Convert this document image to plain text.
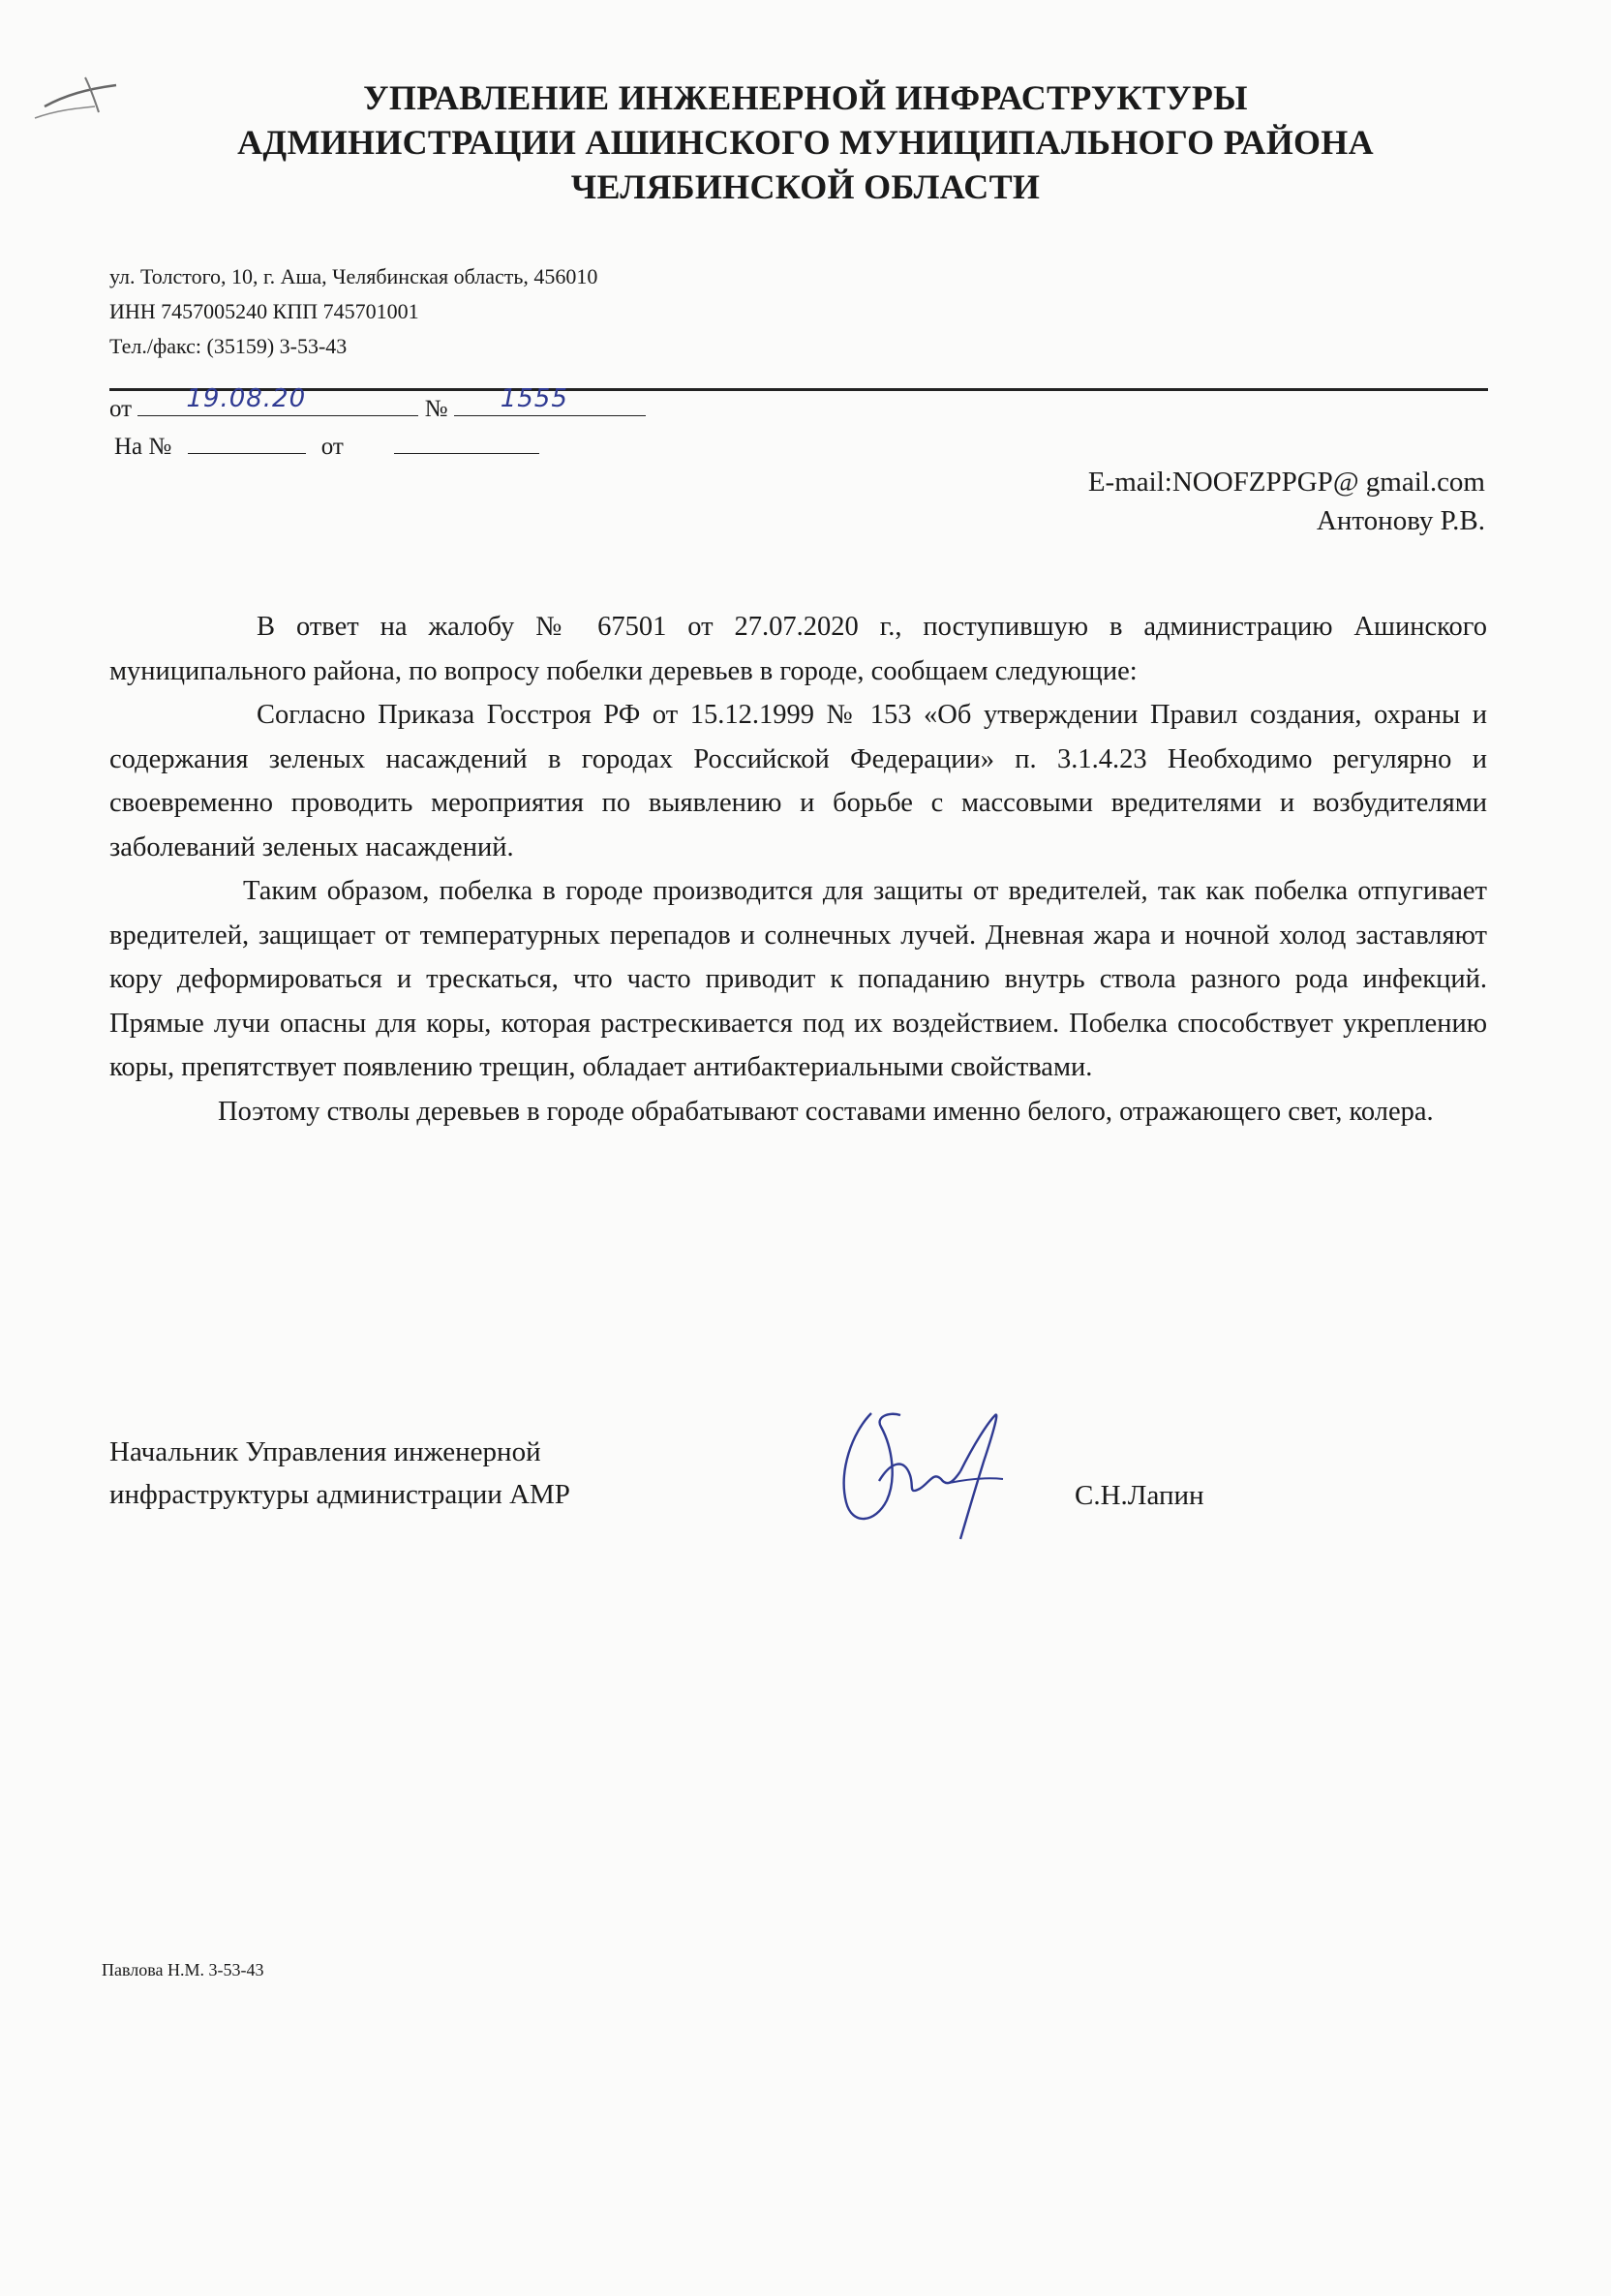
УПРАВЛЕНИЕ ИНЖЕНЕРНОЙ ИНФРАСТРУКТУРЫ
АДМИНИСТРАЦИИ АШИНСКОГО МУНИЦИПАЛЬНОГО РАЙОНА
ЧЕЛЯБИНСКОЙ ОБЛАСТИ
ул. Толстого, 10, г. Аша, Челябинская область, 456010
ИНН 7457005240 КПП 745701001
Тел./факс: (35159) 3-53-43
от 19.08.20	№ 1555
На №	от
E-mail:NOOFZPPGP@ gmail.com
Антонову Р.В.

В ответ на жалобу № 67501 от 27.07.2020 г., поступившую в администрацию Ашинского муниципального района, по вопросу побелки деревьев в городе, сообщаем следующие:

Согласно Приказа Госстроя РФ от 15.12.1999 № 153 «Об утверждении Правил создания, охраны и содержания зеленых насаждений в городах Российской Федерации» п. 3.1.4.23 Необходимо регулярно и своевременно проводить мероприятия по выявлению и борьбе с массовыми вредителями и возбудителями заболеваний зеленых насаждений.

Таким образом, побелка в городе производится для защиты от вредителей, так как побелка отпугивает вредителей, защищает от температурных перепадов и солнечных лучей. Дневная жара и ночной холод заставляют кору деформироваться и трескаться, что часто приводит к попаданию внутрь ствола разного рода инфекций. Прямые лучи опасны для коры, которая растрескивается под их воздействием. Побелка способствует укреплению коры, препятствует появлению трещин, обладает антибактериальными свойствами.

Поэтому стволы деревьев в городе обрабатывают составами именно белого, отражающего свет, колера.

Начальник Управления инженерной
инфраструктуры администрации АМР	С.Н.Лапин
Павлова Н.М. 3-53-43
